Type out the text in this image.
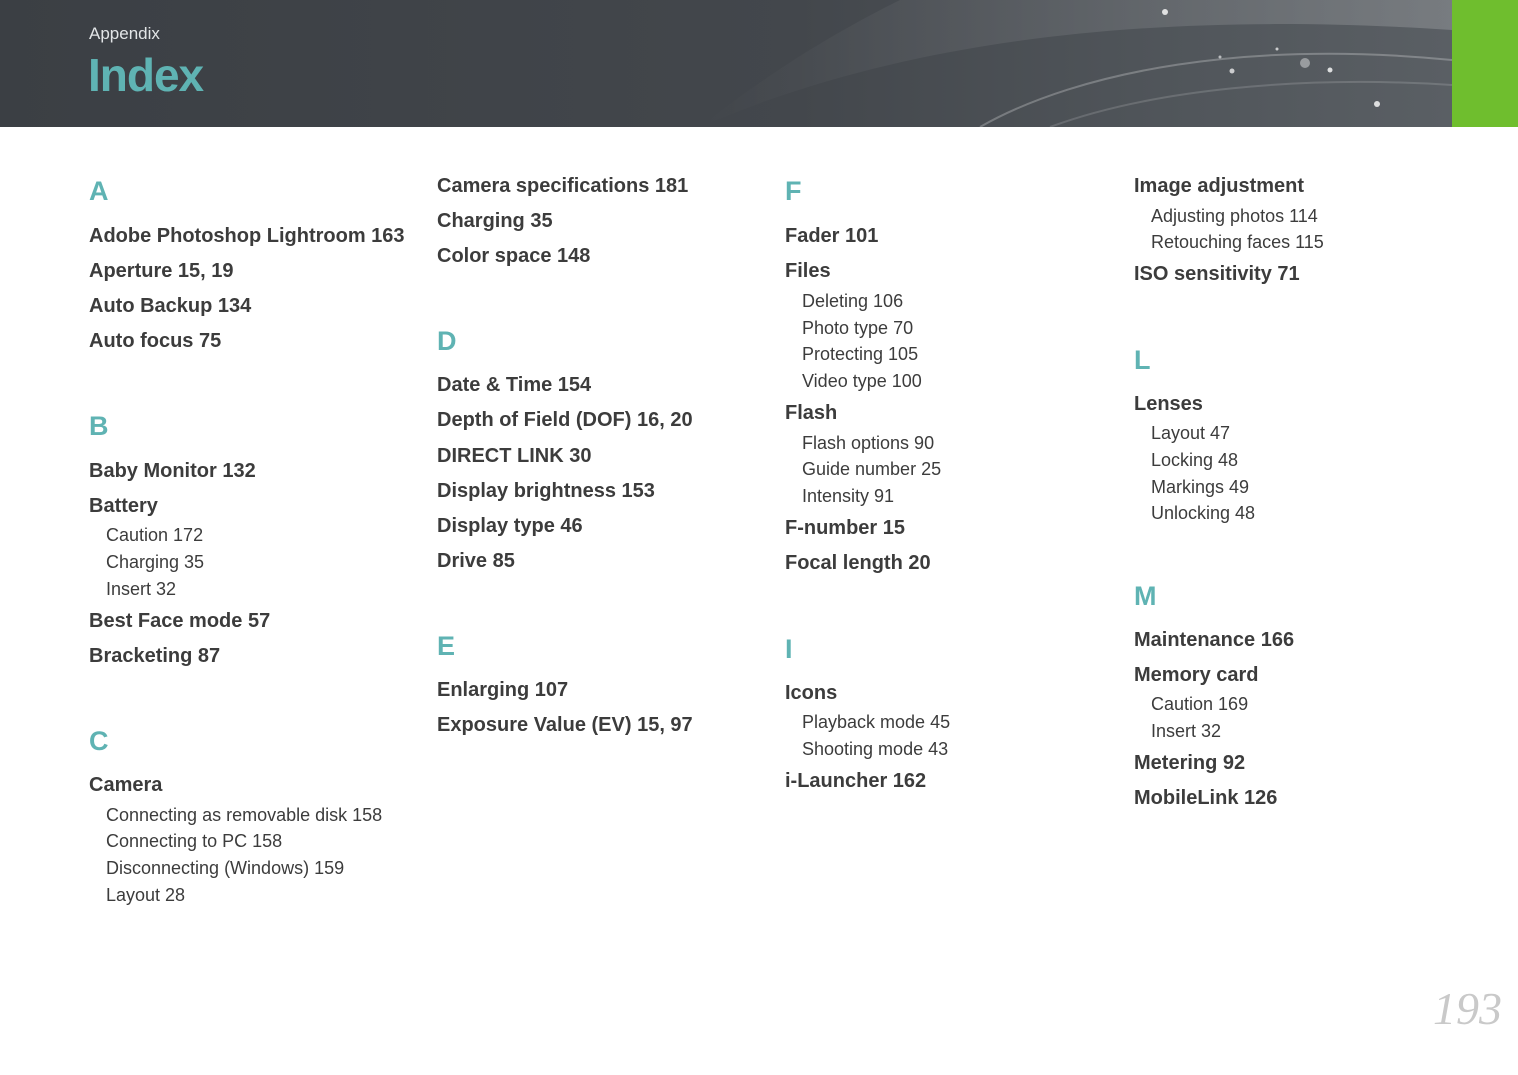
Appendix
Index
A
Adobe Photoshop Lightroom 163
Aperture 15, 19
Auto Backup 134
Auto focus 75
B
Baby Monitor 132
Battery
Caution 172
Charging 35
Insert 32
Best Face mode 57
Bracketing 87
C
Camera
Connecting as removable disk 158
Connecting to PC 158
Disconnecting (Windows) 159
Layout 28
Camera specifications 181
Charging 35
Color space 148
D
Date & Time 154
Depth of Field (DOF) 16, 20
DIRECT LINK 30
Display brightness 153
Display type 46
Drive 85
E
Enlarging 107
Exposure Value (EV) 15, 97
F
Fader 101
Files
Deleting 106
Photo type 70
Protecting 105
Video type 100
Flash
Flash options 90
Guide number 25
Intensity 91
F-number 15
Focal length 20
I
Icons
Playback mode 45
Shooting mode 43
i-Launcher 162
Image adjustment
Adjusting photos 114
Retouching faces 115
ISO sensitivity 71
L
Lenses
Layout 47
Locking 48
Markings 49
Unlocking 48
M
Maintenance 166
Memory card
Caution 169
Insert 32
Metering 92
MobileLink 126
193
